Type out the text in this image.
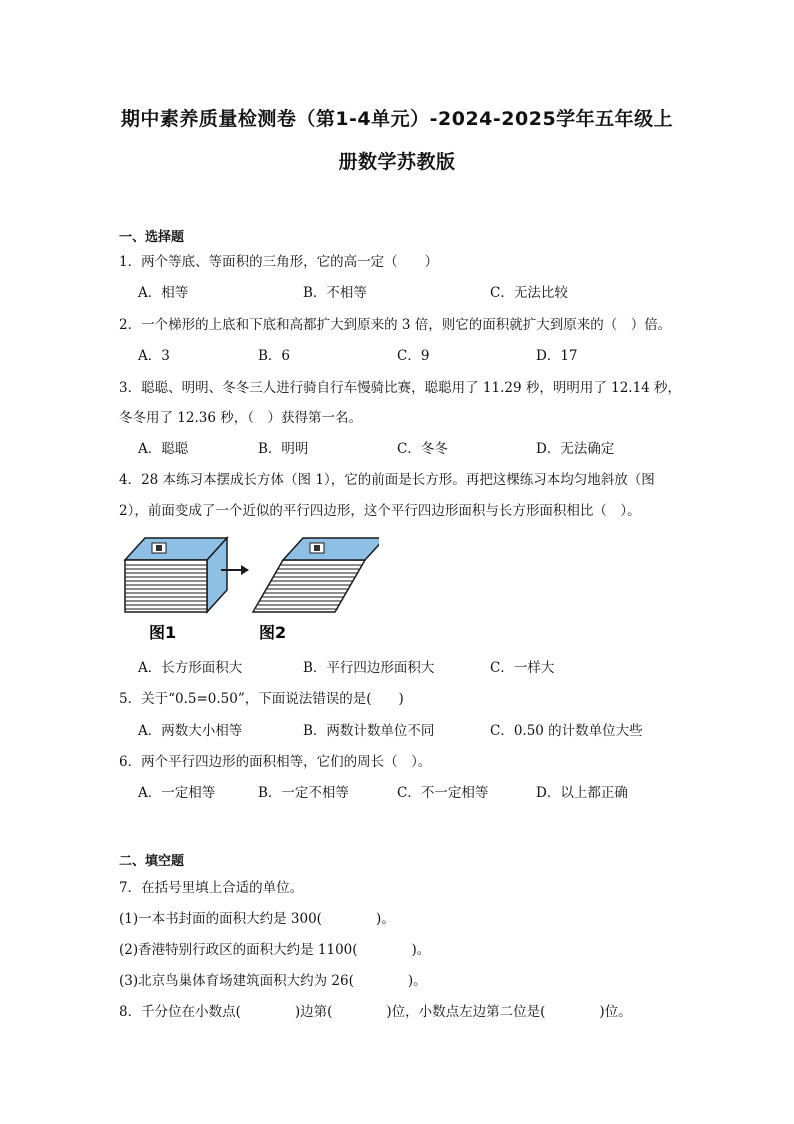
期中素养质量检测卷（第1-4单元）-2024-2025学年五年级上
册数学苏教版
一、选择题
1．两个等底、等面积的三角形，它的高一定（　　）
A．相等	B．不相等	C．无法比较
2．一个梯形的上底和下底和高都扩大到原来的 3 倍，则它的面积就扩大到原来的（　）倍。
A．3	B．6	C．9	D．17
3．聪聪、明明、冬冬三人进行骑自行车慢骑比赛，聪聪用了 11.29 秒，明明用了 12.14 秒，
冬冬用了 12.36 秒，（　）获得第一名。
A．聪聪	B．明明	C．冬冬	D．无法确定
4．28 本练习本摆成长方体（图 1），它的前面是长方形。再把这棵练习本均匀地斜放（图
2），前面变成了一个近似的平行四边形，这个平行四边形面积与长方形面积相比（　）。
图1	图2
A．长方形面积大	B．平行四边形面积大	C．一样大
5．关于“0.5=0.50”，下面说法错误的是(　　)
A．两数大小相等	B．两数计数单位不同	C．0.50 的计数单位大些
6．两个平行四边形的面积相等，它们的周长（　）。
A．一定相等	B．一定不相等	C．不一定相等	D．以上都正确
二、填空题
7．在括号里填上合适的单位。
(1)一本书封面的面积大约是 300(　　　　)。
(2)香港特别行政区的面积大约是 1100(　　　　)。
(3)北京鸟巢体育场建筑面积大约为 26(　　　　)。
8．千分位在小数点(　　　　)边第(　　　　)位，小数点左边第二位是(　　　　)位。
